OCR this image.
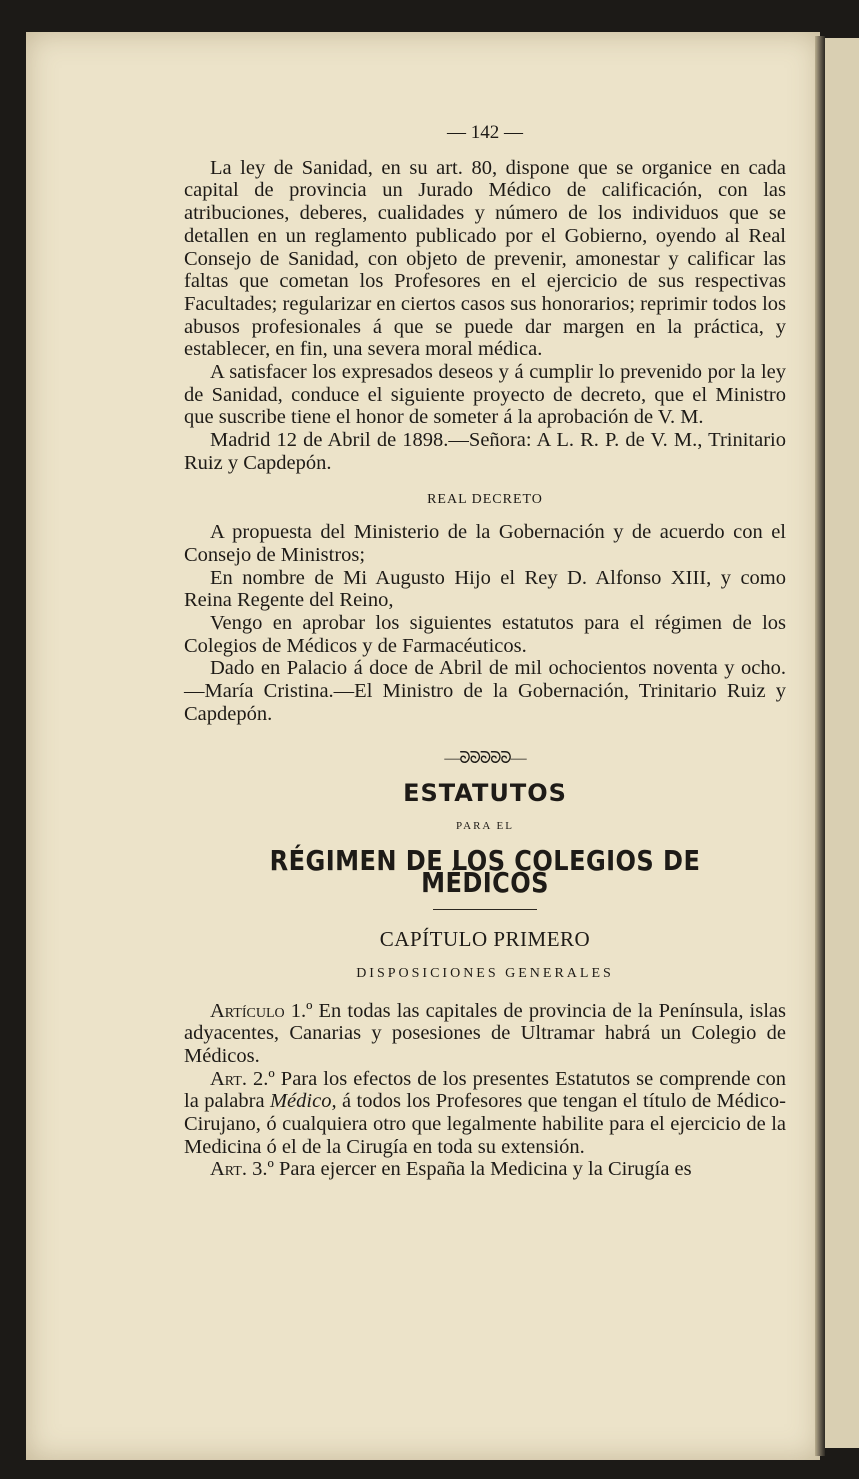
— 142 —

La ley de Sanidad, en su art. 80, dispone que se organice en cada capital de provincia un Jurado Médico de calificación, con las atribuciones, deberes, cualidades y número de los individuos que se detallen en un reglamento publicado por el Gobierno, oyendo al Real Consejo de Sanidad, con objeto de prevenir, amonestar y calificar las faltas que cometan los Profesores en el ejercicio de sus respectivas Facultades; regularizar en ciertos casos sus honorarios; reprimir todos los abusos profesionales á que se puede dar margen en la práctica, y establecer, en fin, una severa moral médica.

A satisfacer los expresados deseos y á cumplir lo prevenido por la ley de Sanidad, conduce el siguiente proyecto de decreto, que el Ministro que suscribe tiene el honor de someter á la aprobación de V. M.

Madrid 12 de Abril de 1898.—Señora: A L. R. P. de V. M., Trinitario Ruiz y Capdepón.

REAL DECRETO

A propuesta del Ministerio de la Gobernación y de acuerdo con el Consejo de Ministros;

En nombre de Mi Augusto Hijo el Rey D. Alfonso XIII, y como Reina Regente del Reino,

Vengo en aprobar los siguientes estatutos para el régimen de los Colegios de Médicos y de Farmacéuticos.

Dado en Palacio á doce de Abril de mil ochocientos noventa y ocho.—María Cristina.—El Ministro de la Gobernación, Trinitario Ruiz y Capdepón.

—ᘐᘐᘐᘐᘐ—
ESTATUTOS
PARA EL
RÉGIMEN DE LOS COLEGIOS DE MÉDICOS
CAPÍTULO PRIMERO
DISPOSICIONES GENERALES

Artículo 1.º En todas las capitales de provincia de la Península, islas adyacentes, Canarias y posesiones de Ultramar habrá un Colegio de Médicos.

Art. 2.º Para los efectos de los presentes Estatutos se comprende con la palabra Médico, á todos los Profesores que tengan el título de Médico-Cirujano, ó cualquiera otro que legalmente habilite para el ejercicio de la Medicina ó el de la Cirugía en toda su extensión.

Art. 3.º Para ejercer en España la Medicina y la Cirugía es
